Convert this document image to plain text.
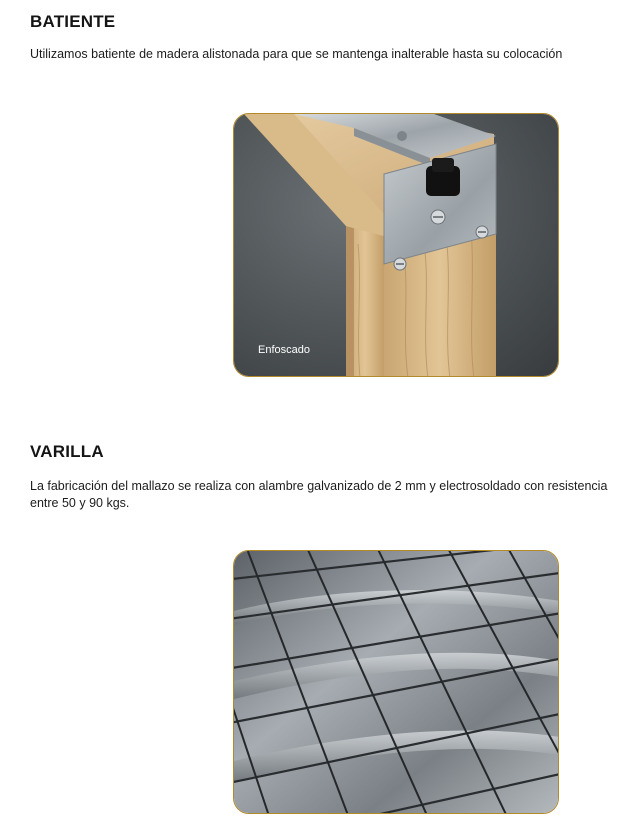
BATIENTE

Utilizamos batiente de madera alistonada para que se mantenga inalterable hasta su colocación

Enfoscado
VARILLA

La fabricación del mallazo se realiza con alambre galvanizado de 2 mm y electrosoldado con resistencia entre 50 y 90 kgs.
